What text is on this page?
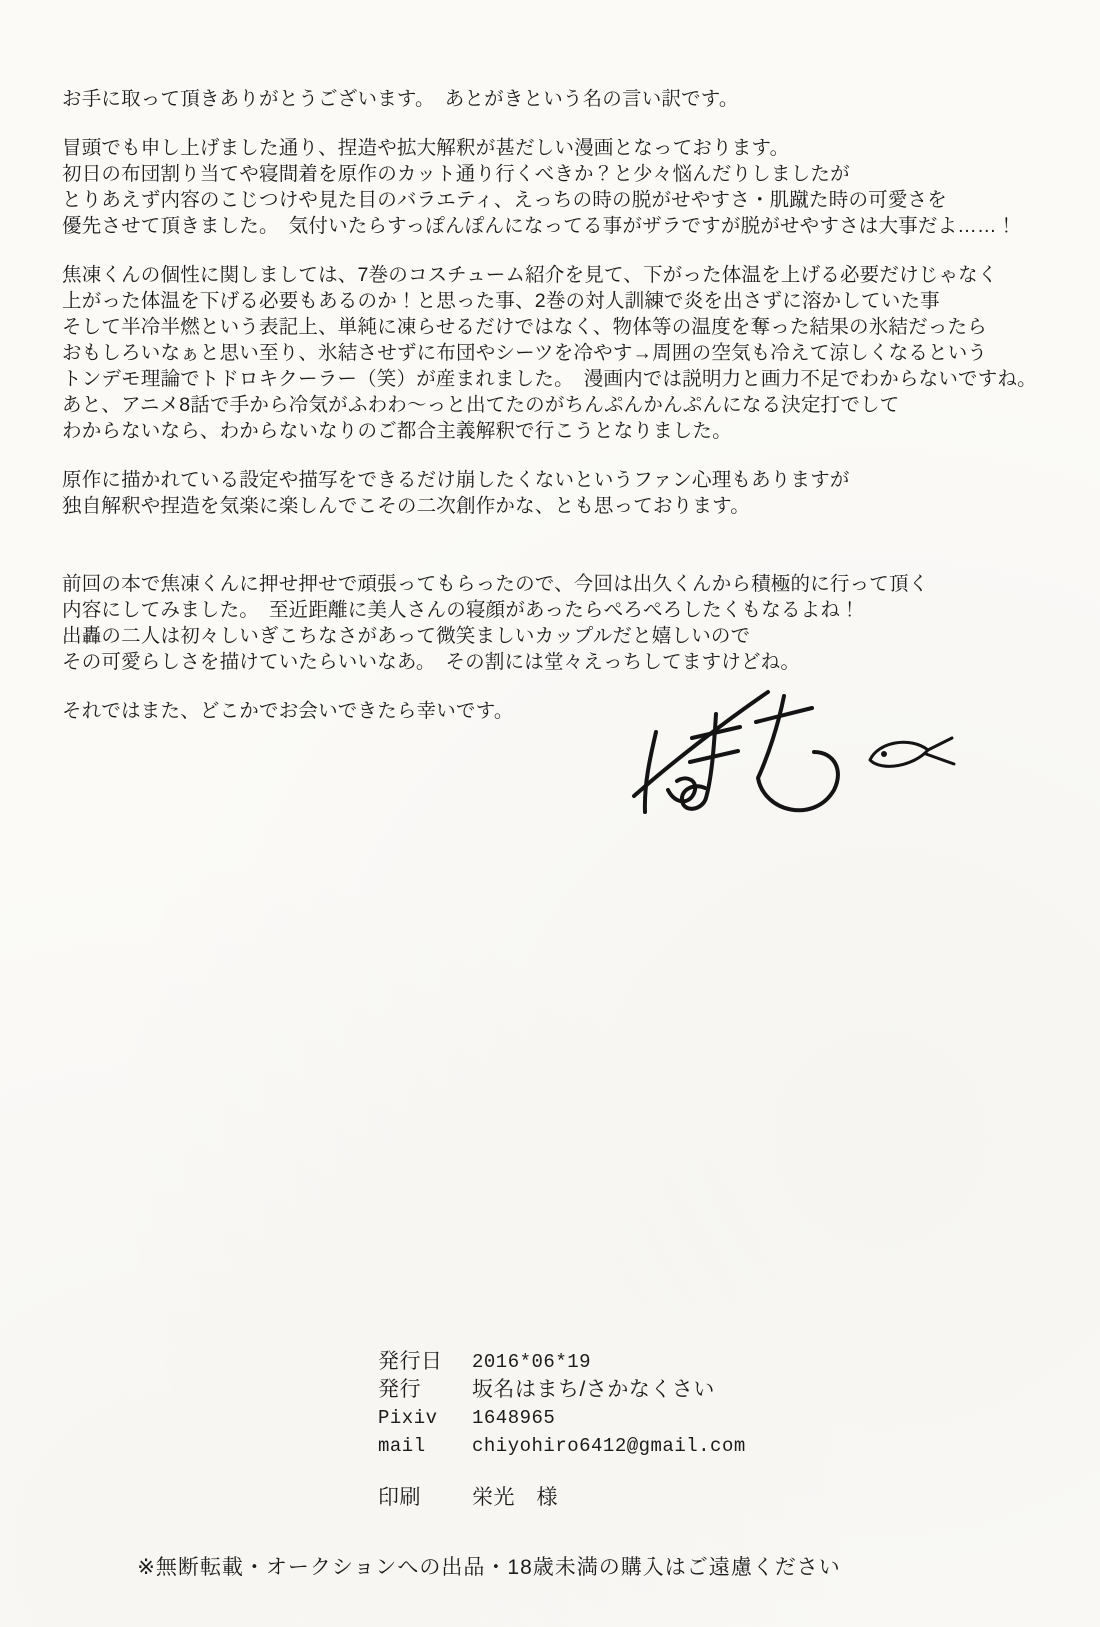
お手に取って頂きありがとうございます。　あとがきという名の言い訳です。
冒頭でも申し上げました通り、捏造や拡大解釈が甚だしい漫画となっております。
初日の布団割り当てや寝間着を原作のカット通り行くべきか？と少々悩んだりしましたが
とりあえず内容のこじつけや見た目のバラエティ、えっちの時の脱がせやすさ・肌蹴た時の可愛さを
優先させて頂きました。　気付いたらすっぽんぽんになってる事がザラですが脱がせやすさは大事だよ……！
焦凍くんの個性に関しましては、7巻のコスチューム紹介を見て、下がった体温を上げる必要だけじゃなく
上がった体温を下げる必要もあるのか！と思った事、2巻の対人訓練で炎を出さずに溶かしていた事
そして半冷半燃という表記上、単純に凍らせるだけではなく、物体等の温度を奪った結果の氷結だったら
おもしろいなぁと思い至り、氷結させずに布団やシーツを冷やす→周囲の空気も冷えて涼しくなるという
トンデモ理論でトドロキクーラー（笑）が産まれました。　漫画内では説明力と画力不足でわからないですね。
あと、アニメ8話で手から冷気がふわわ～っと出てたのがちんぷんかんぷんになる決定打でして
わからないなら、わからないなりのご都合主義解釈で行こうとなりました。
原作に描かれている設定や描写をできるだけ崩したくないというファン心理もありますが
独自解釈や捏造を気楽に楽しんでこその二次創作かな、とも思っております。
前回の本で焦凍くんに押せ押せで頑張ってもらったので、今回は出久くんから積極的に行って頂く
内容にしてみました。　至近距離に美人さんの寝顔があったらぺろぺろしたくもなるよね！
出轟の二人は初々しいぎこちなさがあって微笑ましいカップルだと嬉しいので
その可愛らしさを描けていたらいいなあ。　その割には堂々えっちしてますけどね。
それではまた、どこかでお会いできたら幸いです。
発行日	2016*06*19
発行	坂名はまち/さかなくさい
Pixiv	1648965
mail	chiyohiro6412@gmail.com
印刷	栄光　様
※無断転載・オークションへの出品・18歳未満の購入はご遠慮ください
